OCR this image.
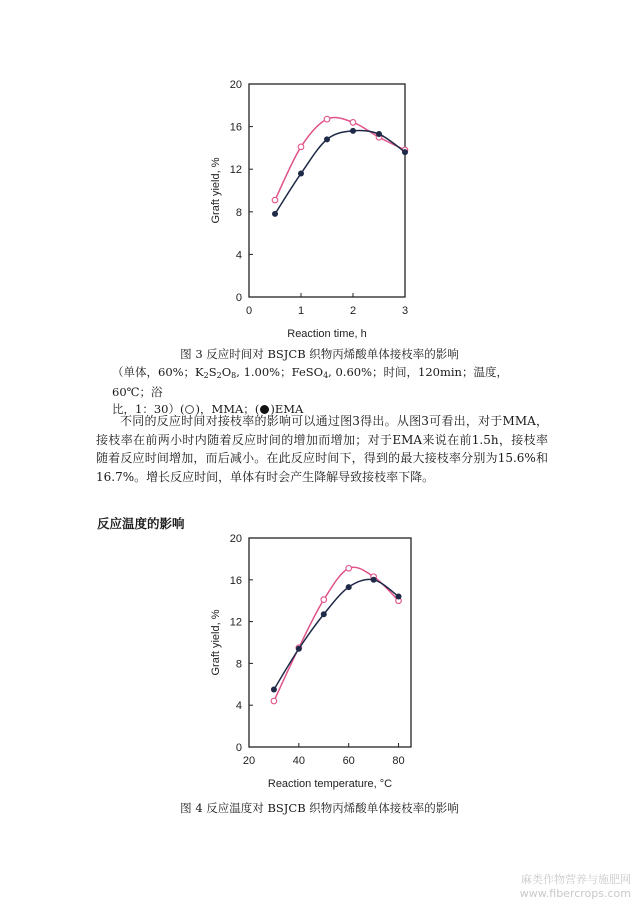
0
4
8
12
16
20
0	1	2	3
Reaction time, h
Graft yield, %
图 3 反应时间对 BSJCB 织物丙烯酸单体接枝率的影响
（单体，60%；$K_2S_2O_8$, 1.00%；FeSO$_4$, 0.60%；时间，120min；温度，60℃；浴
比，1：30）( )，MMA；( )EMA
不同的反应时间对接枝率的影响可以通过图3得出。从图3可看出，对于MMA，接枝率在前两小时内随着反应时间的增加而增加；对于EMA来说在前1.5h，接枝率随着反应时间增加，而后减小。在此反应时间下，得到的最大接枝率分别为15.6%和16.7%。增长反应时间，单体有时会产生降解导致接枝率下降。
反应温度的影响
0
4
8
12
16
20
20	40	60	80
Reaction temperature, °C
Graft yield, %
图 4 反应温度对 BSJCB 织物丙烯酸单体接枝率的影响
麻类作物营养与施肥网
www.fibercrops.com
